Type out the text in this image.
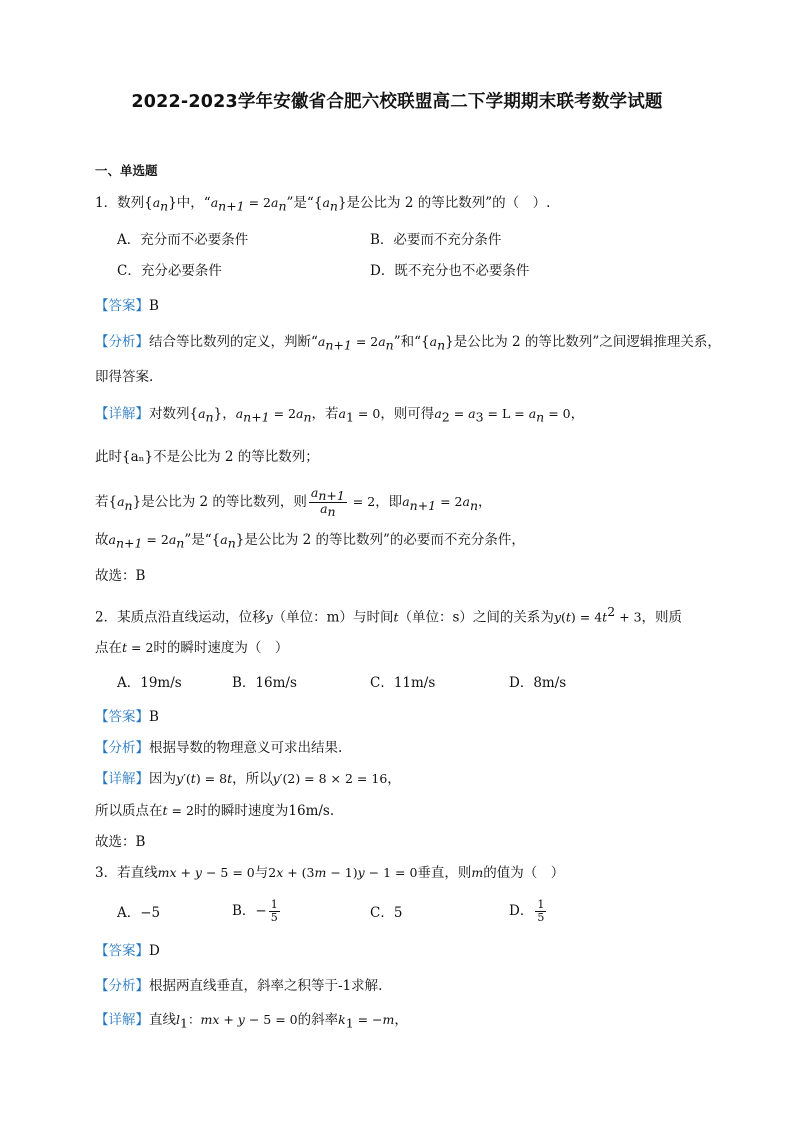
2022-2023学年安徽省合肥六校联盟高二下学期期末联考数学试题
一、单选题
1．数列$\{a_n\}$中，“$a_{n+1} = 2a_n$”是“$\{a_n\}$是公比为 2 的等比数列”的（　）.
A．充分而不必要条件	B．必要而不充分条件
C．充分必要条件	D．既不充分也不必要条件
【答案】B
【分析】结合等比数列的定义，判断“$a_{n+1} = 2a_n$”和“$\{a_n\}$是公比为 2 的等比数列”之间逻辑推理关系，
即得答案.
【详解】对数列$\{a_n\}$，$a_{n+1} = 2a_n$，若$a_1 = 0$，则可得$a_2 = a_3 = L = a_n = 0$，
此时{aₙ}不是公比为 2 的等比数列；
若$\{a_n\}$是公比为 2 的等比数列，则 $\frac{a_{n+1}}{a_n} = 2$，即$a_{n+1} = 2a_n$，
故$a_{n+1} = 2a_n$”是“$\{a_n\}$是公比为 2 的等比数列”的必要而不充分条件，
故选：B
2．某质点沿直线运动，位移y（单位：m）与时间t（单位：s）之间的关系为$y(t) = 4t^2 + 3$，则质
点在t = 2时的瞬时速度为（　）
A．19m/s	B．16m/s	C．11m/s	D．8m/s
【答案】B
【分析】根据导数的物理意义可求出结果.
【详解】因为y′(t) = 8t，所以y′(2) = 8 × 2 = 16，
所以质点在t = 2时的瞬时速度为16m/s.
故选：B
3．若直线mx + y − 5 = 0与2x + (3m − 1)y − 1 = 0垂直，则m的值为（　）
A．−5	B．− $\frac{1}{5}$	C．5	D． $\frac{1}{5}$
【答案】D
【分析】根据两直线垂直，斜率之积等于-1求解.
【详解】直线$l_1$：mx + y − 5 = 0的斜率$k_1 = -m$，
